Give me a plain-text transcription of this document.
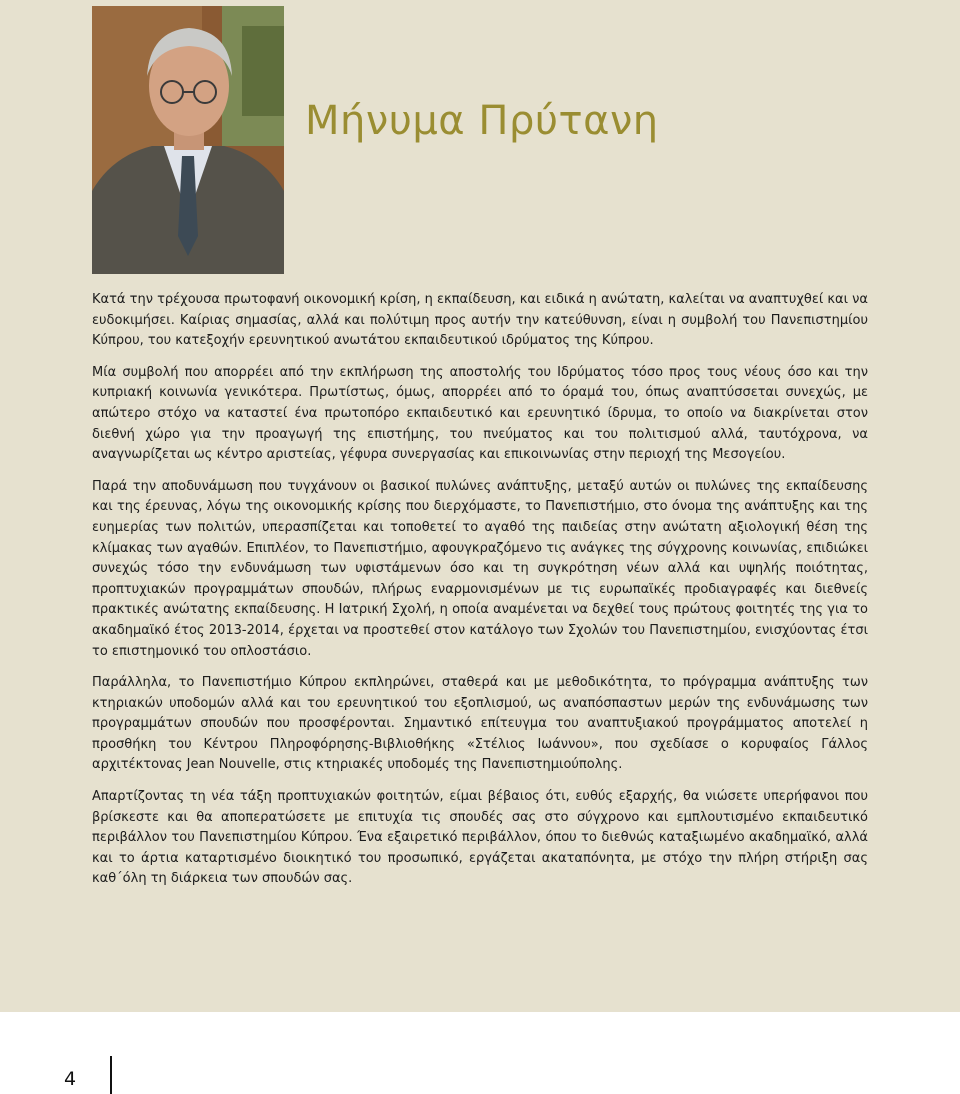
Μήνυμα Πρύτανη

Κατά την τρέχουσα πρωτοφανή οικονομική κρίση, η εκπαίδευση, και ειδικά η ανώτατη, καλείται να αναπτυχθεί και να ευδοκιμήσει. Καίριας σημασίας, αλλά και πολύτιμη προς αυτήν την κατεύθυνση, είναι η συμβολή του Πανεπιστημίου Κύπρου, του κατεξοχήν ερευνητικού ανωτάτου εκπαιδευτικού ιδρύματος της Κύπρου.

Μία συμβολή που απορρέει από την εκπλήρωση της αποστολής του Ιδρύματος τόσο προς τους νέους όσο και την κυπριακή κοινωνία γενικότερα. Πρωτίστως, όμως, απορρέει από το όραμά του, όπως αναπτύσσεται συνεχώς, με απώτερο στόχο να καταστεί ένα πρωτοπόρο εκπαιδευτικό και ερευνητικό ίδρυμα, το οποίο να διακρίνεται στον διεθνή χώρο για την προαγωγή της επιστήμης, του πνεύματος και του πολιτισμού αλλά, ταυτόχρονα, να αναγνωρίζεται ως κέντρο αριστείας, γέφυρα συνεργασίας και επικοινωνίας στην περιοχή της Μεσογείου.

Παρά την αποδυνάμωση που τυγχάνουν οι βασικοί πυλώνες ανάπτυξης, μεταξύ αυτών οι πυλώνες της εκπαίδευσης και της έρευνας, λόγω της οικονομικής κρίσης που διερχόμαστε, το Πανεπιστήμιο, στο όνομα της ανάπτυξης και της ευημερίας των πολιτών, υπερασπίζεται και τοποθετεί το αγαθό της παιδείας στην ανώτατη αξιολογική θέση της κλίμακας των αγαθών. Επιπλέον, το Πανεπιστήμιο, αφουγκραζόμενο τις ανάγκες της σύγχρονης κοινωνίας, επιδιώκει συνεχώς τόσο την ενδυνάμωση των υφιστάμενων όσο και τη συγκρότηση νέων αλλά και υψηλής ποιότητας, προπτυχιακών προγραμμάτων σπουδών, πλήρως εναρμονισμένων με τις ευρωπαϊκές προδιαγραφές και διεθνείς πρακτικές ανώτατης εκπαίδευσης. Η Ιατρική Σχολή, η οποία αναμένεται να δεχθεί τους πρώτους φοιτητές της για το ακαδημαϊκό έτος 2013-2014, έρχεται να προστεθεί στον κατάλογο των Σχολών του Πανεπιστημίου, ενισχύοντας έτσι το επιστημονικό του οπλοστάσιο.

Παράλληλα, το Πανεπιστήμιο Κύπρου εκπληρώνει, σταθερά και με μεθοδικότητα, το πρόγραμμα ανάπτυξης των κτηριακών υποδομών αλλά και του ερευνητικού του εξοπλισμού, ως αναπόσπαστων μερών της ενδυνάμωσης των προγραμμάτων σπουδών που προσφέρονται. Σημαντικό επίτευγμα του αναπτυξιακού προγράμματος αποτελεί η προσθήκη του Κέντρου Πληροφόρησης-Βιβλιοθήκης «Στέλιος Ιωάννου», που σχεδίασε ο κορυφαίος Γάλλος αρχιτέκτονας Jean Nouvelle, στις κτηριακές υποδομές της Πανεπιστημιούπολης.

Απαρτίζοντας τη νέα τάξη προπτυχιακών φοιτητών, είμαι βέβαιος ότι, ευθύς εξαρχής, θα νιώσετε υπερήφανοι που βρίσκεστε και θα αποπερατώσετε με επιτυχία τις σπουδές σας στο σύγχρονο και εμπλουτισμένο εκπαιδευτικό περιβάλλον του Πανεπιστημίου Κύπρου. Ένα εξαιρετικό περιβάλλον, όπου το διεθνώς καταξιωμένο ακαδημαϊκό, αλλά και το άρτια καταρτισμένο διοικητικό του προσωπικό, εργάζεται ακαταπόνητα, με στόχο την πλήρη στήριξη σας καθ΄όλη τη διάρκεια των σπουδών σας.

4
